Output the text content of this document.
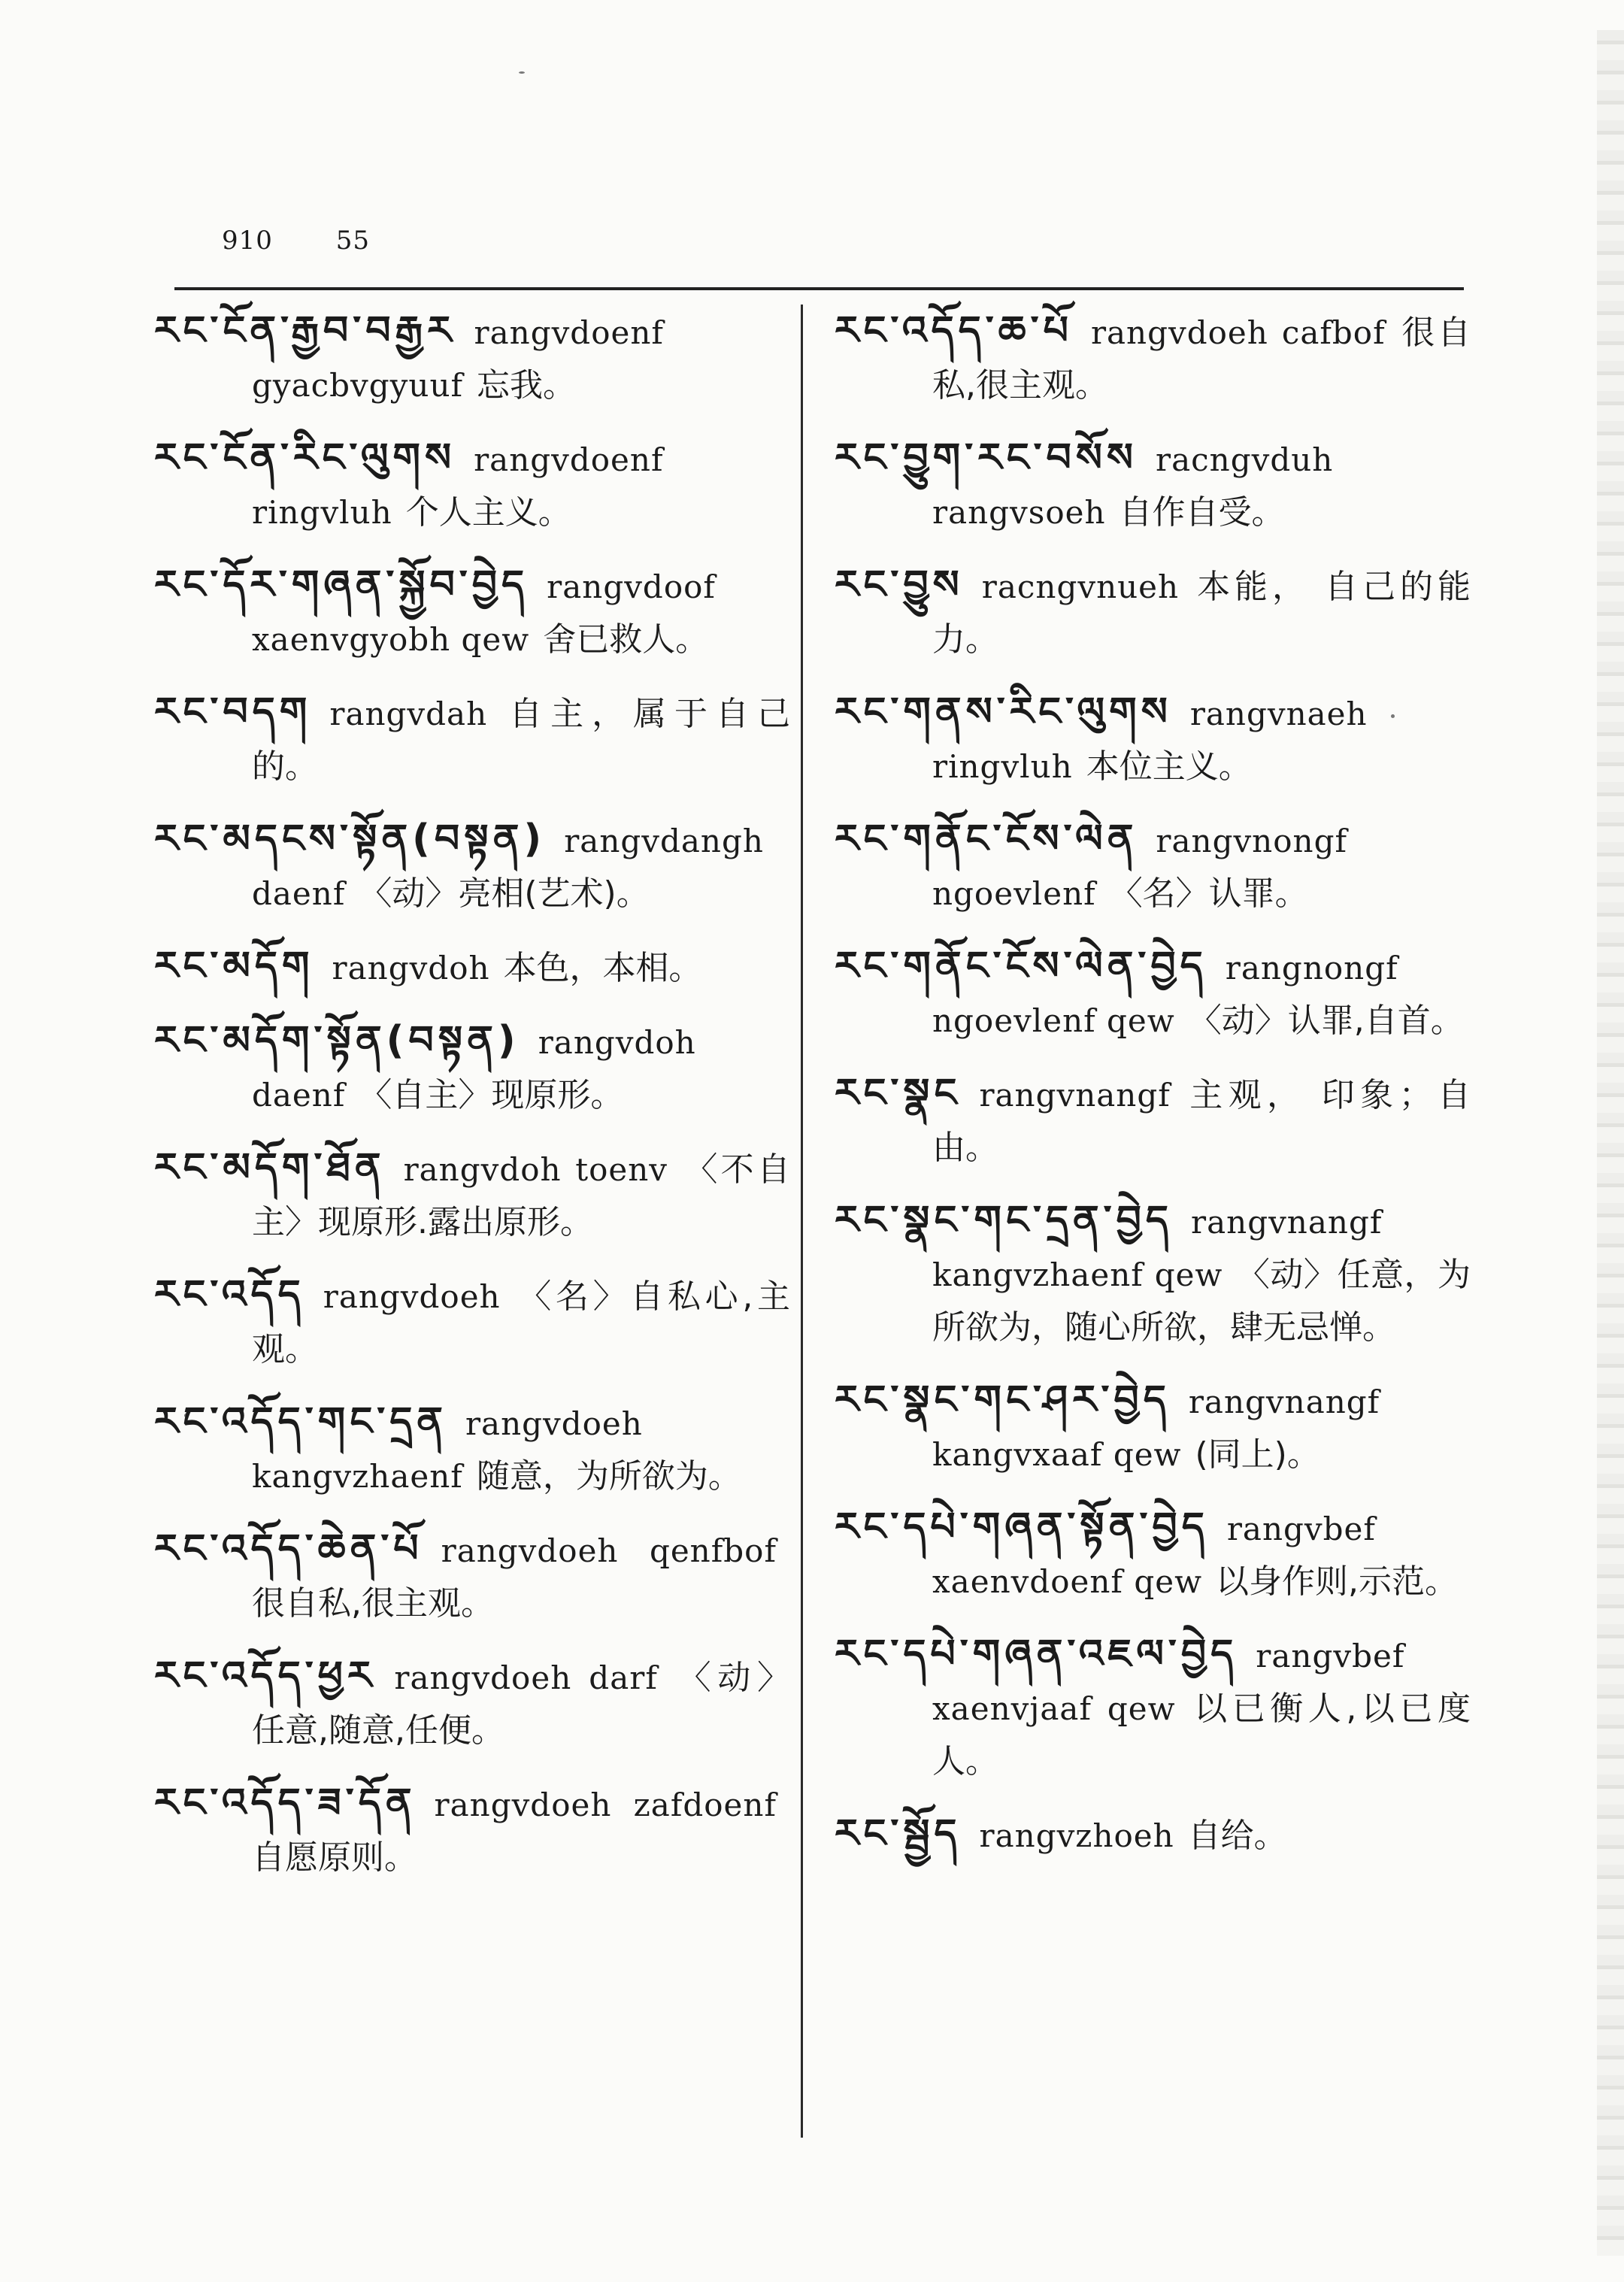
910 55
རང་ངོན་རྒྱབ་བརྒྱར rangvdoenf gyacbvgyuuf 忘我。
རང་ངོན་རིང་ལུགས rangvdoenf ringvluh 个人主义。
རང་དོར་གཞན་སྐྱོབ་བྱེད rangvdoof xaenvgyobh qew 舍已救人。
རང་བདག rangvdah 自主，属于自己的。
རང་མདངས་སྟོན(བསྟན) rangvdangh daenf 〈动〉亮相(艺术)。
རང་མདོག rangvdoh 本色，本相。
རང་མདོག་སྟོན(བསྟན) rangvdoh daenf 〈自主〉现原形。
རང་མདོག་ཐོན rangvdoh toenv 〈不自主〉现原形.露出原形。
རང་འདོད rangvdoeh 〈名〉自私心,主观。
རང་འདོད་གང་དྲན rangvdoeh kangvzhaenf 随意，为所欲为。
རང་འདོད་ཆེན་པོ rangvdoeh qenfbof很自私,很主观。
རང་འདོད་ཕྱར rangvdoeh darf 〈动〉任意,随意,任便。
རང་འདོད་ཟ་དོན rangvdoeh zafdoenf自愿原则。
རང་འདོད་ཆ་པོ rangvdoeh cafbof 很自私,很主观。
རང་བྱུག་རང་བསོས racngvduh rangvsoeh 自作自受。
རང་བྱུས racngvnueh 本能， 自己的能力。
རང་གནས་རིང་ལུགས rangvnaeh ringvluh 本位主义。
རང་གནོང་ངོས་ལེན rangvnongf ngoevlenf 〈名〉认罪。
རང་གནོང་ངོས་ལེན་བྱེད rangnongf ngoevlenf qew 〈动〉认罪,自首。
རང་སྣང rangvnangf 主观， 印象；自由。
རང་སྣང་གང་དྲན་བྱེད rangvnangf kangvzhaenf qew 〈动〉任意，为所欲为，随心所欲，肆无忌惮。
རང་སྣང་གང་ཤར་བྱེད rangvnangf kangvxaaf qew (同上)。
རང་དཔེ་གཞན་སྟོན་བྱེད rangvbef xaenvdoenf qew 以身作则,示范。
རང་དཔེ་གཞན་འཇལ་བྱེད rangvbef xaenvjaaf qew 以已衡人,以已度人。
རང་སྦྱོད rangvzhoeh 自给。
